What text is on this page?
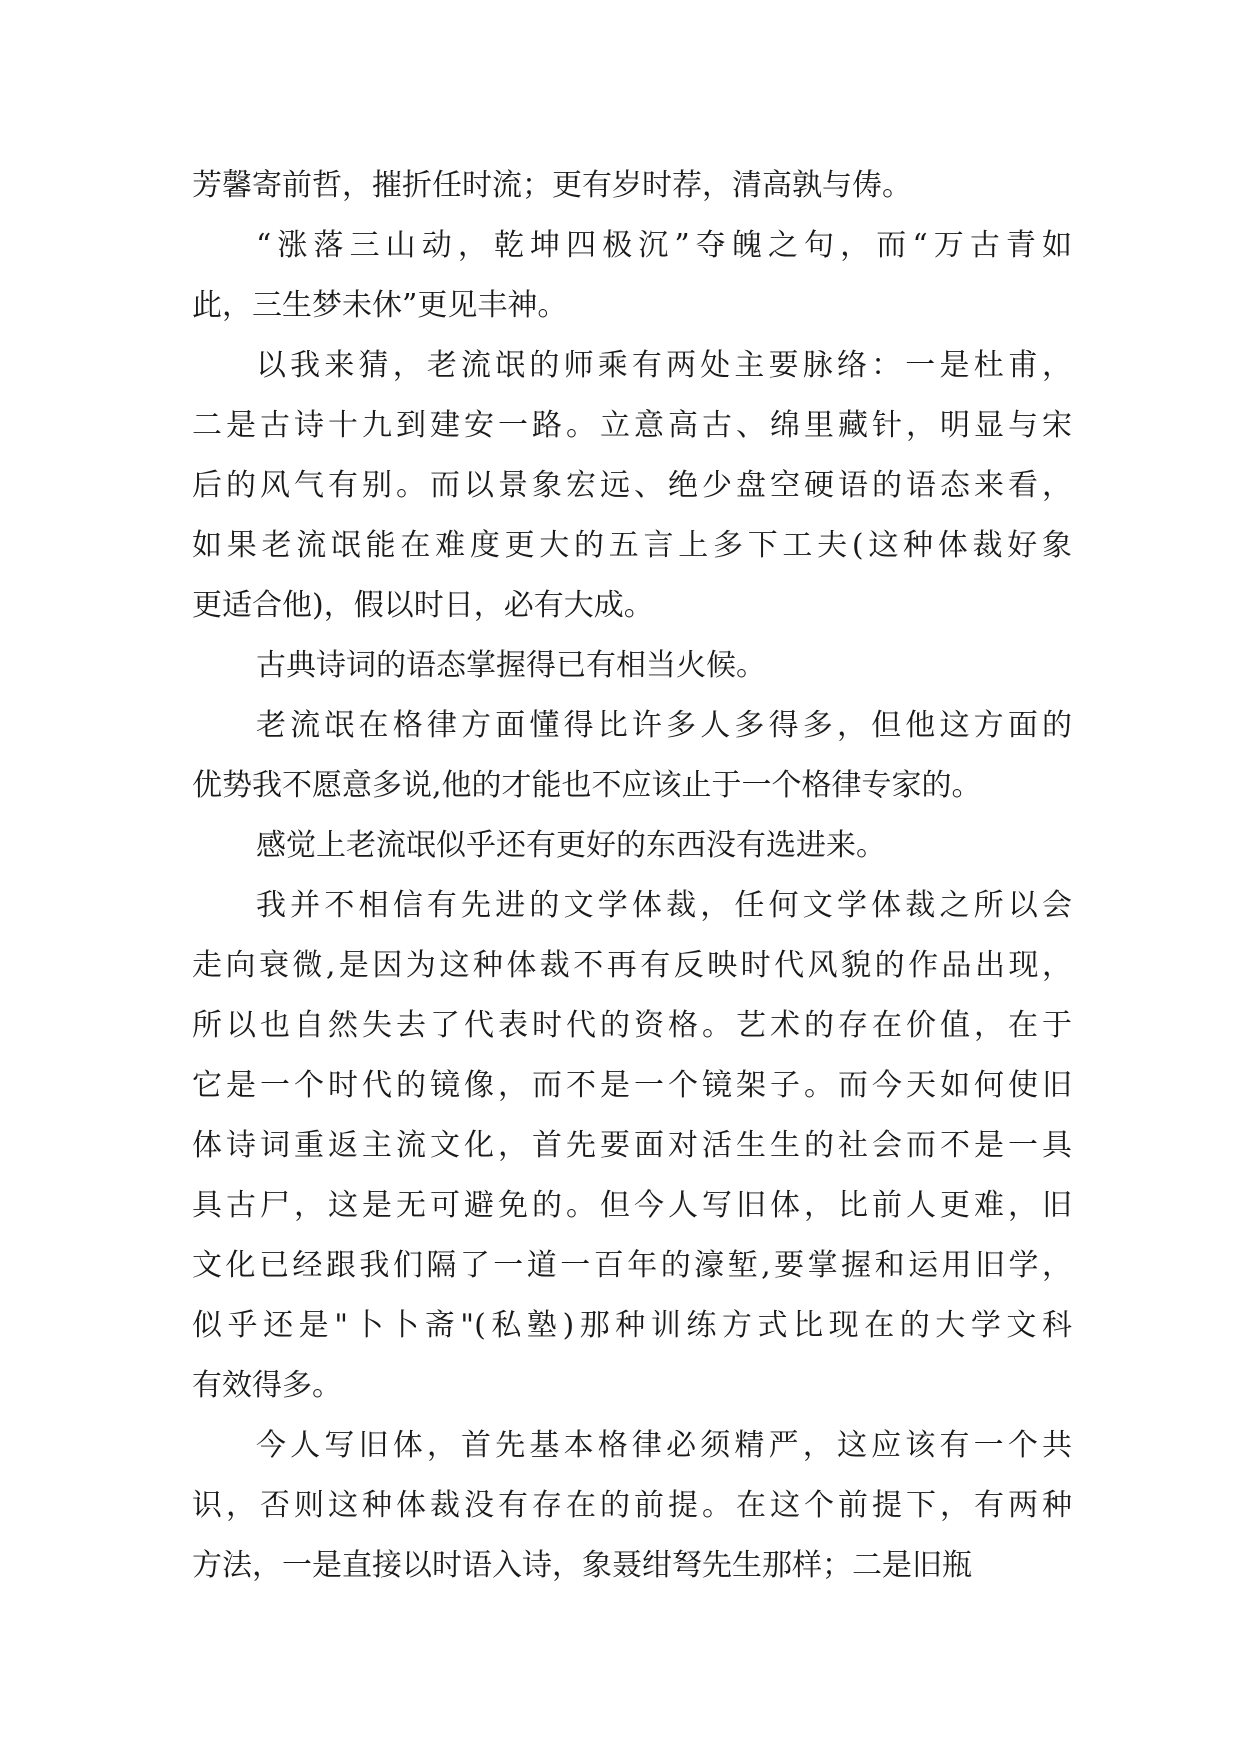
芳馨寄前哲，摧折任时流；更有岁时荐，清高孰与俦。
“涨落三山动，乾坤四极沉”夺魄之句，而“万古青如
此，三生梦未休”更见丰神。
以我来猜，老流氓的师乘有两处主要脉络：一是杜甫，
二是古诗十九到建安一路。立意高古、绵里藏针，明显与宋
后的风气有别。而以景象宏远、绝少盘空硬语的语态来看，
如果老流氓能在难度更大的五言上多下工夫(这种体裁好象
更适合他)，假以时日，必有大成。
古典诗词的语态掌握得已有相当火候。
老流氓在格律方面懂得比许多人多得多，但他这方面的
优势我不愿意多说,他的才能也不应该止于一个格律专家的。
感觉上老流氓似乎还有更好的东西没有选进来。
我并不相信有先进的文学体裁，任何文学体裁之所以会
走向衰微,是因为这种体裁不再有反映时代风貌的作品出现，
所以也自然失去了代表时代的资格。艺术的存在价值，在于
它是一个时代的镜像，而不是一个镜架子。而今天如何使旧
体诗词重返主流文化，首先要面对活生生的社会而不是一具
具古尸，这是无可避免的。但今人写旧体，比前人更难，旧
文化已经跟我们隔了一道一百年的濠堑,要掌握和运用旧学，
似乎还是"卜卜斋"(私塾)那种训练方式比现在的大学文科
有效得多。
今人写旧体，首先基本格律必须精严，这应该有一个共
识，否则这种体裁没有存在的前提。在这个前提下，有两种
方法，一是直接以时语入诗，象聂绀弩先生那样；二是旧瓶
